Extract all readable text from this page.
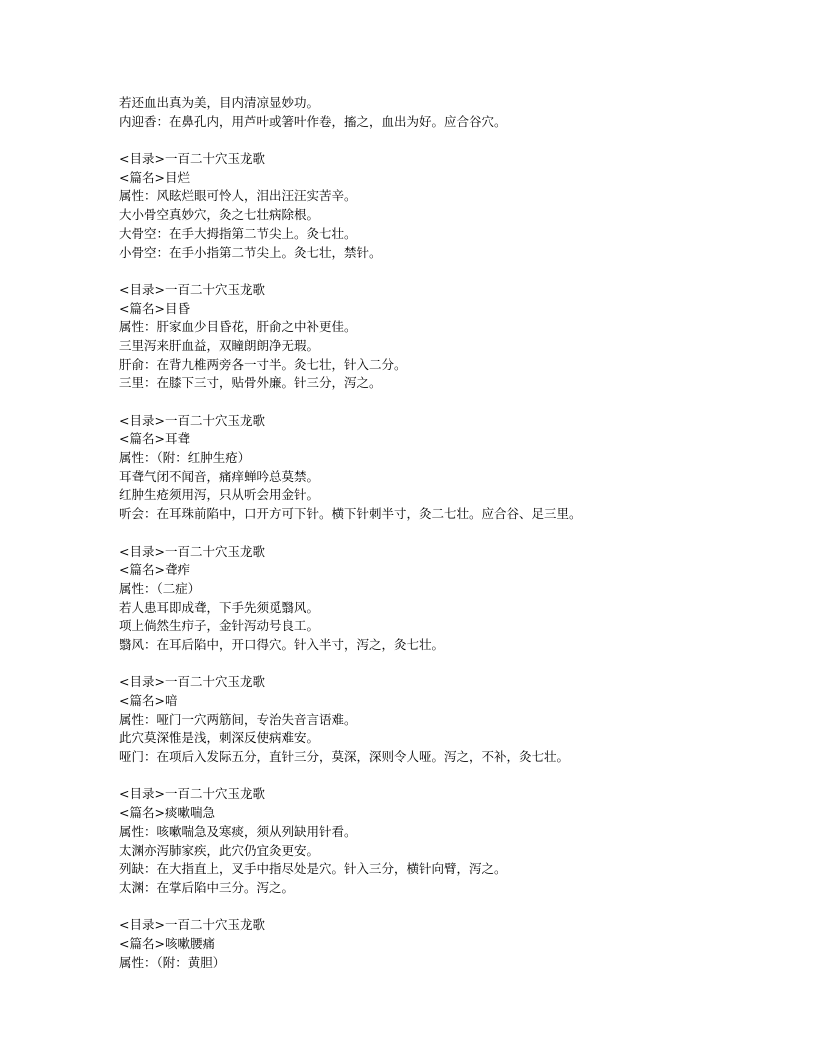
若还血出真为美，目内清凉显妙功。
内迎香：在鼻孔内，用芦叶或箸叶作卷，搐之，血出为好。应合谷穴。
<目录>一百二十穴玉龙歌
<篇名>目烂
属性：风眩烂眼可怜人，泪出汪汪实苦辛。
大小骨空真妙穴，灸之七壮病除根。
大骨空：在手大拇指第二节尖上。灸七壮。
小骨空：在手小指第二节尖上。灸七壮，禁针。
<目录>一百二十穴玉龙歌
<篇名>目昏
属性：肝家血少目昏花，肝俞之中补更佳。
三里泻来肝血益，双瞳朗朗净无瑕。
肝俞：在背九椎两旁各一寸半。灸七壮，针入二分。
三里：在膝下三寸，贴骨外廉。针三分，泻之。
<目录>一百二十穴玉龙歌
<篇名>耳聋
属性：（附：红肿生疮）
耳聋气闭不闻音，痛痒蝉吟总莫禁。
红肿生疮须用泻，只从听会用金针。
听会：在耳珠前陷中，口开方可下针。横下针刺半寸，灸二七壮。应合谷、足三里。
<目录>一百二十穴玉龙歌
<篇名>聋痄
属性：（二症）
若人患耳即成聋，下手先须觅翳风。
项上倘然生疖子，金针泻动号良工。
翳风：在耳后陷中，开口得穴。针入半寸，泻之，灸七壮。
<目录>一百二十穴玉龙歌
<篇名>喑
属性：哑门一穴两筋间，专治失音言语难。
此穴莫深惟是浅，刺深反使病难安。
哑门：在项后入发际五分，直针三分，莫深，深则令人哑。泻之，不补，灸七壮。
<目录>一百二十穴玉龙歌
<篇名>痰嗽喘急
属性：咳嗽喘急及寒痰，须从列缺用针看。
太渊亦泻肺家疾，此穴仍宜灸更安。
列缺：在大指直上，叉手中指尽处是穴。针入三分，横针向臂，泻之。
太渊：在掌后陷中三分。泻之。
<目录>一百二十穴玉龙歌
<篇名>咳嗽腰痛
属性：（附：黄胆）
